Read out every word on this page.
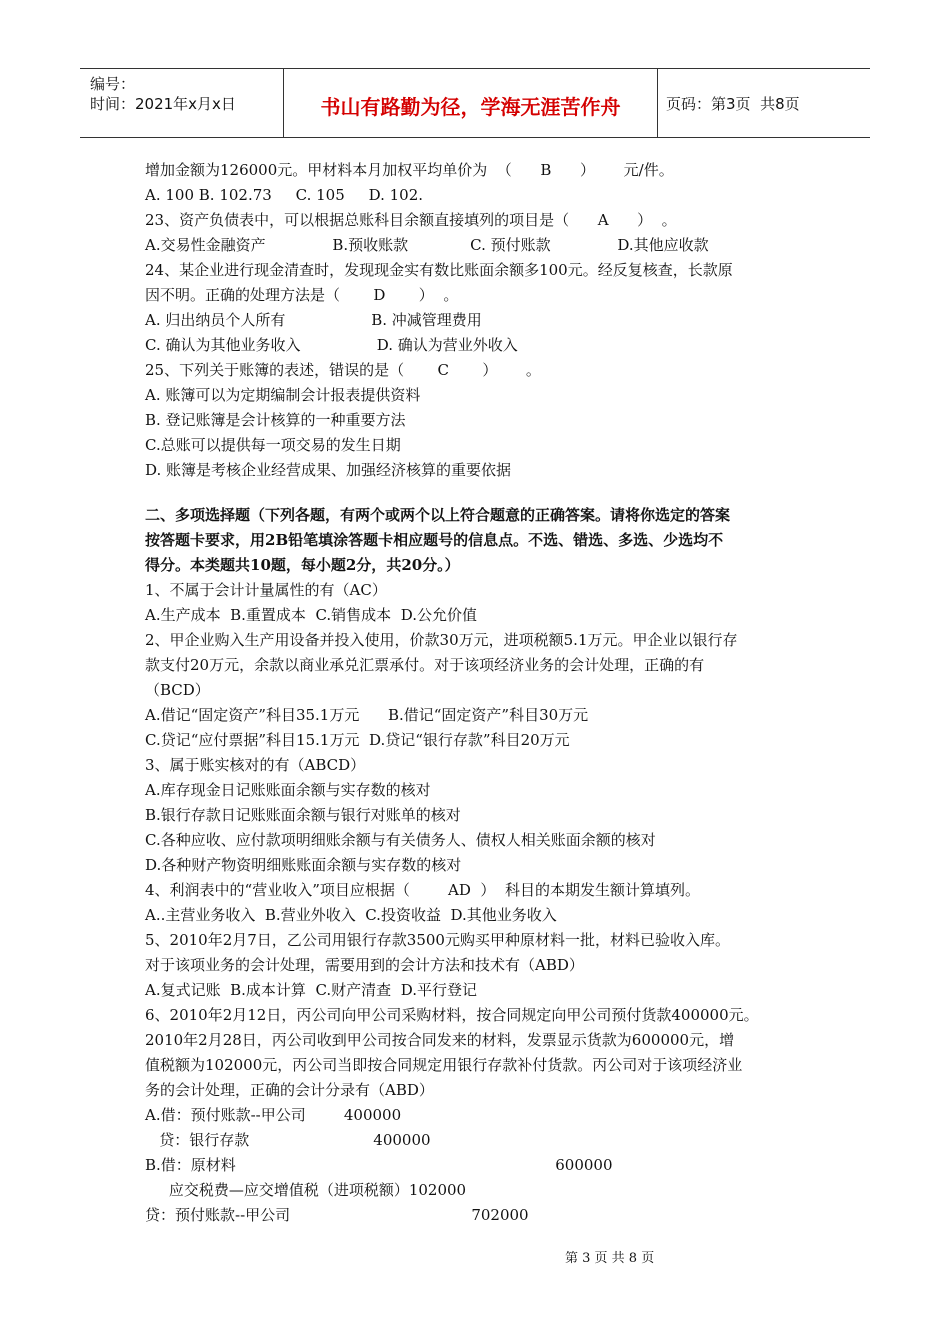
编号：
时间：2021年x月x日	书山有路勤为径，学海无涯苦作舟	页码：第3页  共8页
增加金额为126000元。甲材料本月加权平均单价为  （      B      ）      元/件。
A. 100 B. 102.73     C. 105     D. 102.
23、资产负债表中，可以根据总账科目余额直接填列的项目是（      A      ）  。
A.交易性金融资产              B.预收账款             C. 预付账款              D.其他应收款
24、某企业进行现金清查时，发现现金实有数比账面余额多100元。经反复核查，长款原
因不明。正确的处理方法是（       D       ）  。
A. 归出纳员个人所有                  B. 冲减管理费用
C. 确认为其他业务收入                D. 确认为营业外收入
25、下列关于账簿的表述，错误的是（       C       ）      。
A. 账簿可以为定期编制会计报表提供资料
B. 登记账簿是会计核算的一种重要方法
C.总账可以提供每一项交易的发生日期
D. 账簿是考核企业经营成果、加强经济核算的重要依据
二、多项选择题（下列各题，有两个或两个以上符合题意的正确答案。请将你选定的答案
按答题卡要求，用2B铅笔填涂答题卡相应题号的信息点。不选、错选、多选、少选均不
得分。本类题共10题，每小题2分，共20分。）
1、不属于会计计量属性的有（AC）
A.生产成本  B.重置成本  C.销售成本  D.公允价值
2、甲企业购入生产用设备并投入使用，价款30万元，进项税额5.1万元。甲企业以银行存
款支付20万元，余款以商业承兑汇票承付。对于该项经济业务的会计处理，正确的有
（BCD）
A.借记“固定资产”科目35.1万元      B.借记“固定资产”科目30万元
C.贷记“应付票据”科目15.1万元  D.贷记“银行存款”科目20万元
3、属于账实核对的有（ABCD）
A.库存现金日记账账面余额与实存数的核对
B.银行存款日记账账面余额与银行对账单的核对
C.各种应收、应付款项明细账余额与有关债务人、债权人相关账面余额的核对
D.各种财产物资明细账账面余额与实存数的核对
4、利润表中的“营业收入”项目应根据（        AD  ）  科目的本期发生额计算填列。
A..主营业务收入  B.营业外收入  C.投资收益  D.其他业务收入
5、2010年2月7日，乙公司用银行存款3500元购买甲种原材料一批，材料已验收入库。
对于该项业务的会计处理，需要用到的会计方法和技术有（ABD）
A.复式记账  B.成本计算  C.财产清查  D.平行登记
6、2010年2月12日，丙公司向甲公司采购材料，按合同规定向甲公司预付货款400000元。
2010年2月28日，丙公司收到甲公司按合同发来的材料，发票显示货款为600000元，增
值税额为102000元，丙公司当即按合同规定用银行存款补付货款。丙公司对于该项经济业
务的会计处理，正确的会计分录有（ABD）
A.借：预付账款--甲公司        400000
贷：银行存款                          400000
B.借：原材料                                                                   600000
应交税费—应交增值税（进项税额）102000
贷：预付账款--甲公司                                      702000
第 3 页 共 8 页
